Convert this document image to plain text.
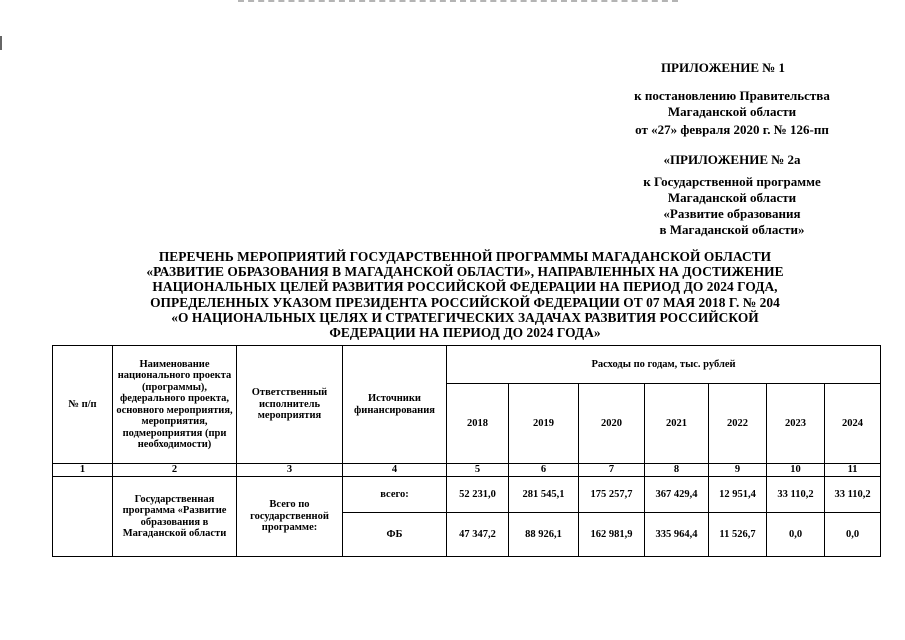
ПРИЛОЖЕНИЕ № 1
к постановлению Правительства
Магаданской области
от «27» февраля 2020 г. № 126-пп
«ПРИЛОЖЕНИЕ № 2а
к Государственной программе
Магаданской области
«Развитие образования
в Магаданской области»
ПЕРЕЧЕНЬ МЕРОПРИЯТИЙ ГОСУДАРСТВЕННОЙ ПРОГРАММЫ МАГАДАНСКОЙ ОБЛАСТИ
«РАЗВИТИЕ ОБРАЗОВАНИЯ В МАГАДАНСКОЙ ОБЛАСТИ», НАПРАВЛЕННЫХ НА ДОСТИЖЕНИЕ
НАЦИОНАЛЬНЫХ ЦЕЛЕЙ РАЗВИТИЯ РОССИЙСКОЙ ФЕДЕРАЦИИ НА ПЕРИОД ДО 2024 ГОДА,
ОПРЕДЕЛЕННЫХ УКАЗОМ ПРЕЗИДЕНТА РОССИЙСКОЙ ФЕДЕРАЦИИ ОТ 07 МАЯ 2018 Г. № 204
«О НАЦИОНАЛЬНЫХ ЦЕЛЯХ И СТРАТЕГИЧЕСКИХ ЗАДАЧАХ РАЗВИТИЯ РОССИЙСКОЙ
ФЕДЕРАЦИИ НА ПЕРИОД ДО 2024 ГОДА»
№ п/п	Наименование национального проекта (программы), федерального проекта, основного мероприятия, мероприятия, подмероприятия (при необходимости)	Ответственный исполнитель мероприятия	Источники финансирования	Расходы по годам, тыс. рублей						
				2018	2019	2020	2021	2022	2023	2024
1	2	3	4	5	6	7	8	9	10	11
	Государственная программа «Развитие образования в Магаданской области	Всего по государственной программе:	всего:	52 231,0	281 545,1	175 257,7	367 429,4	12 951,4	33 110,2	33 110,2
			ФБ	47 347,2	88 926,1	162 981,9	335 964,4	11 526,7	0,0	0,0
